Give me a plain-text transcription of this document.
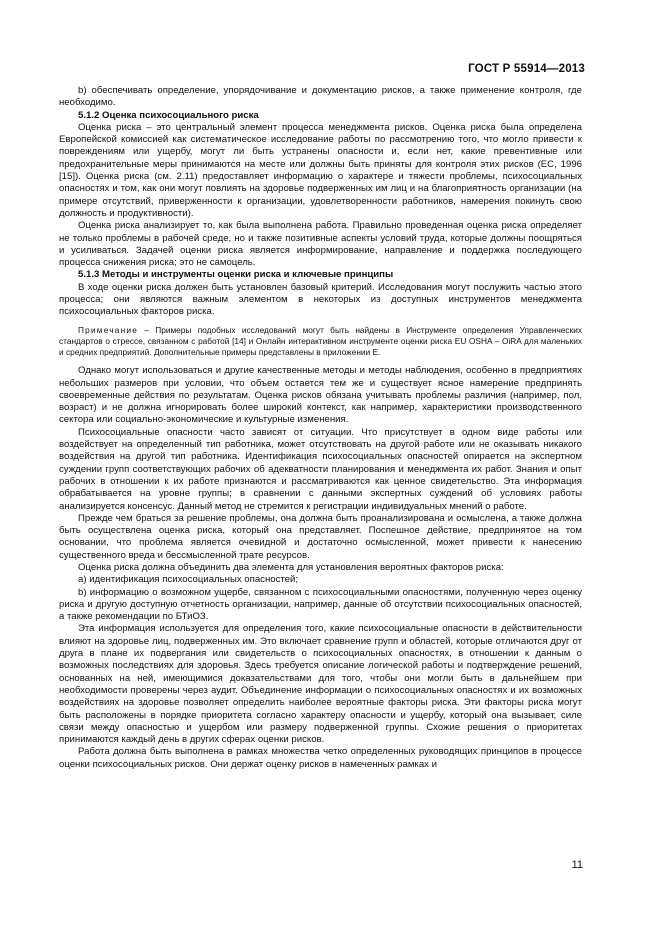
ГОСТ Р 55914—2013

b) обеспечивать определение, упорядочивание и документацию рисков, а также применение контроля, где необходимо.

5.1.2 Оценка психосоциального риска

Оценка риска – это центральный элемент процесса менеджмента рисков. Оценка риска была определена Европейской комиссией как систематическое исследование работы по рассмотрению того, что могло привести к повреждениям или ущербу, могут ли быть устранены опасности и, если нет, какие превентивные или предохранительные меры принимаются на месте или должны быть приняты для контроля этих рисков (EC, 1996 [15]). Оценка риска (см. 2.11) предоставляет информацию о характере и тяжести проблемы, психосоциальных опасностях и том, как они могут повлиять на здоровье подверженных им лиц и на благоприятность организации (на примере отсутствий, приверженности к организации, удовлетворенности работников, намерения покинуть свою должность и продуктивности).

Оценка риска анализирует то, как была выполнена работа. Правильно проведенная оценка риска определяет не только проблемы в рабочей среде, но и также позитивные аспекты условий труда, которые должны поощряться и усиливаться. Задачей оценки риска является информирование, направление и поддержка последующего процесса снижения риска; это не самоцель.

5.1.3 Методы и инструменты оценки риска и ключевые принципы

В ходе оценки риска должен быть установлен базовый критерий. Исследования могут послужить частью этого процесса; они являются важным элементом в некоторых из доступных инструментов менеджмента психосоциальных факторов риска.

Примечание – Примеры подобных исследований могут быть найдены в Инструменте определения Управленческих стандартов о стрессе, связанном с работой [14] и Онлайн интерактивном инструменте оценки риска EU OSHA – OiRA для маленьких и средних предприятий. Дополнительные примеры представлены в приложении Е.

Однако могут использоваться и другие качественные методы и методы наблюдения, особенно в предприятиях небольших размеров при условии, что объем остается тем же и существует ясное намерение предпринять своевременные действия по результатам. Оценка рисков обязана учитывать проблемы различия (например, пол, возраст) и не должна игнорировать более широкий контекст, как например, характеристики производственного сектора или социально-экономические и культурные изменения.

Психосоциальные опасности часто зависят от ситуации. Что присутствует в одном виде работы или воздействует на определенный тип работника, может отсутствовать на другой работе или не оказывать никакого воздействия на другой тип работника. Идентификация психосоциальных опасностей опирается на экспертном суждении групп соответствующих рабочих об адекватности планирования и менеджмента их работ. Знания и опыт рабочих в отношении к их работе признаются и рассматриваются как ценное свидетельство. Эта информация обрабатывается на уровне группы; в сравнении с данными экспертных суждений об условиях работы анализируется консенсус. Данный метод не стремится к регистрации индивидуальных мнений о работе.

Прежде чем браться за решение проблемы, она должна быть проанализирована и осмыслена, а также должна быть осуществлена оценка риска, который она представляет. Поспешное действие, предпринятое на том основании, что проблема является очевидной и достаточно осмысленной, может привести к нанесению существенного вреда и бессмысленной трате ресурсов.

Оценка риска должна объединить два элемента для установления вероятных факторов риска:

а) идентификация психосоциальных опасностей;

b) информацию о возможном ущербе, связанном с психосоциальными опасностями, полученную через оценку риска и другую доступную отчетность организации, например, данные об отсутствии психосоциальных опасностей, а также рекомендации по БТиОЗ.

Эта информация используется для определения того, какие психосоциальные опасности в действительности влияют на здоровье лиц, подверженных им. Это включает сравнение групп и областей, которые отличаются друг от друга в плане их подвергания или свидетельств о психосоциальных опасностях, в отношении к данным о возможных последствиях для здоровья. Здесь требуется описание логической работы и подтверждение решений, основанных на ней, имеющимися доказательствами для того, чтобы они могли быть в дальнейшем при необходимости проверены через аудит. Объединение информации о психосоциальных опасностях и их возможных воздействиях на здоровье позволяет определить наиболее вероятные факторы риска. Эти факторы риска могут быть расположены в порядке приоритета согласно характеру опасности и ущербу, который она вызывает, силе связи между опасностью и ущербом или размеру подверженной группы. Схожие решения о приоритетах принимаются каждый день в других сферах оценки рисков.

Работа должна быть выполнена в рамках множества четко определенных руководящих принципов в процессе оценки психосоциальных рисков. Они держат оценку рисков в намеченных рамках и

11
